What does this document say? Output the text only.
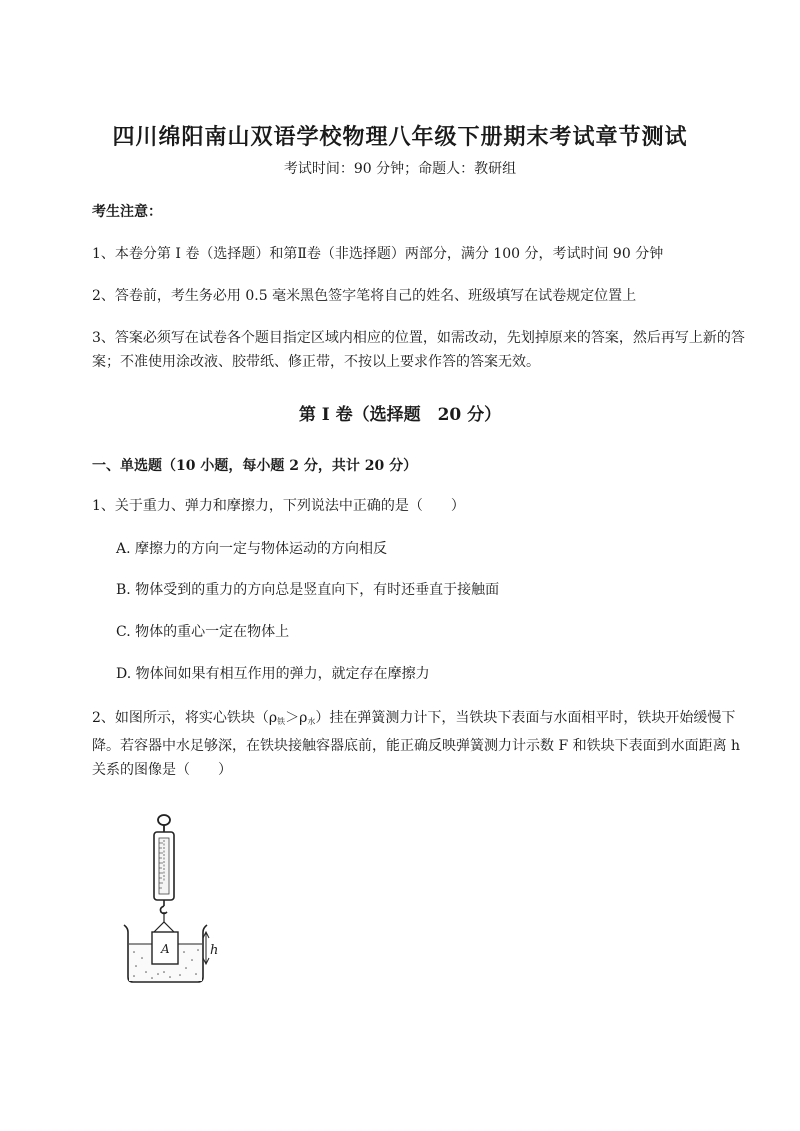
四川绵阳南山双语学校物理八年级下册期末考试章节测试
考试时间：90 分钟；命题人：教研组
考生注意：
1、本卷分第 I 卷（选择题）和第Ⅱ卷（非选择题）两部分，满分 100 分，考试时间 90 分钟
2、答卷前，考生务必用 0.5 毫米黑色签字笔将自己的姓名、班级填写在试卷规定位置上
3、答案必须写在试卷各个题目指定区域内相应的位置，如需改动，先划掉原来的答案，然后再写上新的答案；不准使用涂改液、胶带纸、修正带，不按以上要求作答的答案无效。
第 I 卷（选择题　20 分）
一、单选题（10 小题，每小题 2 分，共计 20 分）
1、关于重力、弹力和摩擦力，下列说法中正确的是（　　）
A. 摩擦力的方向一定与物体运动的方向相反
B. 物体受到的重力的方向总是竖直向下，有时还垂直于接触面
C. 物体的重心一定在物体上
D. 物体间如果有相互作用的弹力，就定存在摩擦力
2、如图所示，将实心铁块$(\rho_铁>\rho_水)$挂在弹簧测力计下，当铁块下表面与水面相平时，铁块开始缓慢下降。若容器中水足够深，在铁块接触容器底前，能正确反映弹簧测力计示数 F 和铁块下表面到水面距离 h 关系的图像是（　　）
A	h
